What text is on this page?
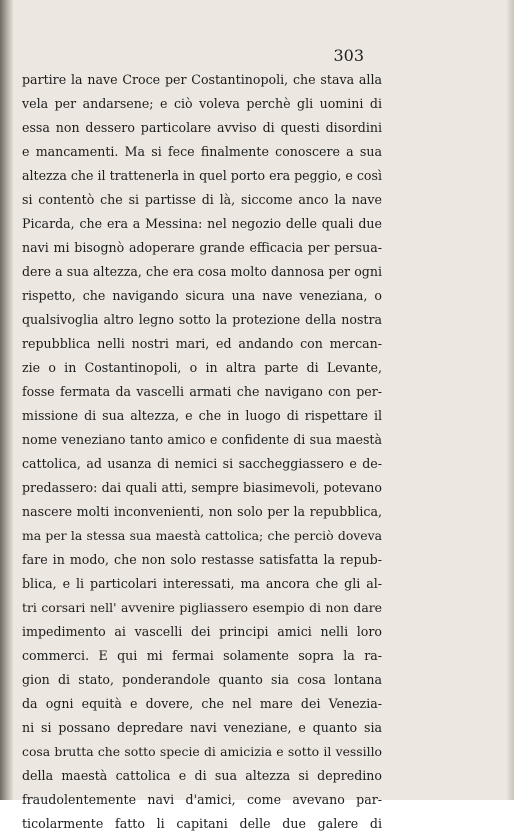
303
partire la nave Croce per Costantinopoli, che stava alla
vela per andarsene; e ciò voleva perchè gli uomini di
essa non dessero particolare avviso di questi disordini
e mancamenti. Ma si fece finalmente conoscere a sua
altezza che il trattenerla in quel porto era peggio, e così
si contentò che si partisse di là, siccome anco la nave
Picarda, che era a Messina: nel negozio delle quali due
navi mi bisognò adoperare grande efficacia per persua-
dere a sua altezza, che era cosa molto dannosa per ogni
rispetto, che navigando sicura una nave veneziana, o
qualsivoglia altro legno sotto la protezione della nostra
repubblica nelli nostri mari, ed andando con mercan-
zie o in Costantinopoli, o in altra parte di Levante,
fosse fermata da vascelli armati che navigano con per-
missione di sua altezza, e che in luogo di rispettare il
nome veneziano tanto amico e confidente di sua maestà
cattolica, ad usanza di nemici si saccheggiassero e de-
predassero: dai quali atti, sempre biasimevoli, potevano
nascere molti inconvenienti, non solo per la repubblica,
ma per la stessa sua maestà cattolica; che perciò doveva
fare in modo, che non solo restasse satisfatta la repub-
blica, e li particolari interessati, ma ancora che gli al-
tri corsari nell' avvenire pigliassero esempio di non dare
impedimento ai vascelli dei principi amici nelli loro
commerci. E qui mi fermai solamente sopra la ra-
gion di stato, ponderandole quanto sia cosa lontana
da ogni equità e dovere, che nel mare dei Venezia-
ni si possano depredare navi veneziane, e quanto sia
cosa brutta che sotto specie di amicizia e sotto il vessillo
della maestà cattolica e di sua altezza si depredino
fraudolentemente navi d'amici, come avevano par-
ticolarmente fatto li capitani delle due galere di
